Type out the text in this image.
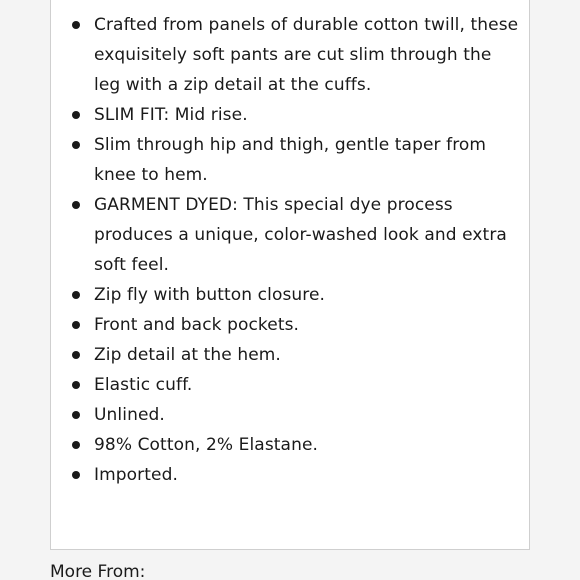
Crafted from panels of durable cotton twill, these exquisitely soft pants are cut slim through the leg with a zip detail at the cuffs.
SLIM FIT: Mid rise.
Slim through hip and thigh, gentle taper from knee to hem.
GARMENT DYED: This special dye process produces a unique, color-washed look and extra soft feel.
Zip fly with button closure.
Front and back pockets.
Zip detail at the hem.
Elastic cuff.
Unlined.
98% Cotton, 2% Elastane.
Imported.
More From:
